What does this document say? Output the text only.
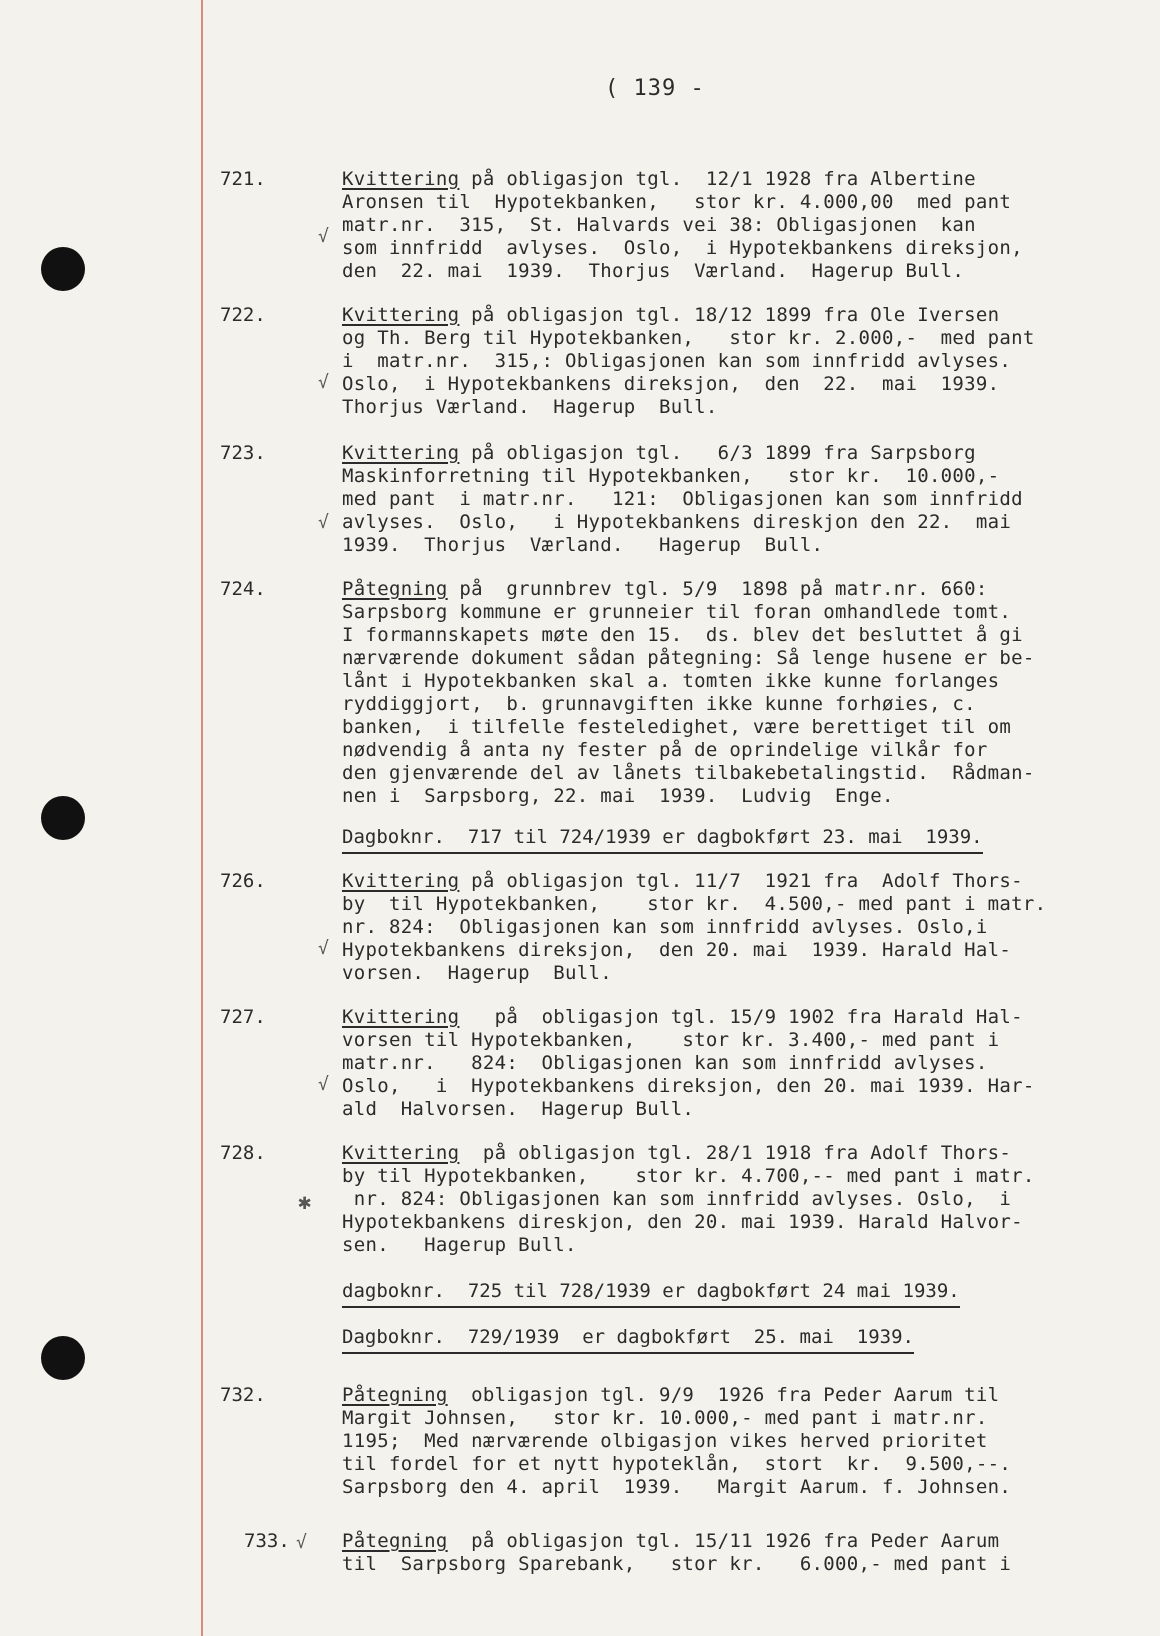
( 139 -
721.	Kvittering på obligasjon tgl.  12/1 1928 fra Albertine
Aronsen til  Hypotekbanken,   stor kr. 4.000,00  med pant
matr.nr.  315,  St. Halvards vei 38: Obligasjonen  kan
som innfridd  avlyses.  Oslo,  i Hypotekbankens direksjon,
den  22. mai  1939.  Thorjus  Værland.  Hagerup Bull.
√
722.	Kvittering på obligasjon tgl. 18/12 1899 fra Ole Iversen
og Th. Berg til Hypotekbanken,   stor kr. 2.000,-  med pant
i  matr.nr.  315,: Obligasjonen kan som innfridd avlyses.
Oslo,  i Hypotekbankens direksjon,  den  22.  mai  1939.
Thorjus Værland.  Hagerup  Bull.
√
723.	Kvittering på obligasjon tgl.   6/3 1899 fra Sarpsborg
Maskinforretning til Hypotekbanken,   stor kr.  10.000,-
med pant  i matr.nr.   121:  Obligasjonen kan som innfridd
avlyses.  Oslo,   i Hypotekbankens direskjon den 22.  mai
1939.  Thorjus  Værland.   Hagerup  Bull.
√
724.	Påtegning på  grunnbrev tgl. 5/9  1898 på matr.nr. 660:
Sarpsborg kommune er grunneier til foran omhandlede tomt.
I formannskapets møte den 15.  ds. blev det besluttet å gi
nærværende dokument sådan påtegning: Så lenge husene er be-
lånt i Hypotekbanken skal a. tomten ikke kunne forlanges
ryddiggjort,  b. grunnavgiften ikke kunne forhøies, c.
banken,  i tilfelle festeledighet, være berettiget til om
nødvendig å anta ny fester på de oprindelige vilkår for
den gjenværende del av lånets tilbakebetalingstid.  Rådman-
nen i  Sarpsborg, 22. mai  1939.  Ludvig  Enge.
Dagboknr.  717 til 724/1939 er dagbokført 23. mai  1939.
726.	Kvittering på obligasjon tgl. 11/7  1921 fra  Adolf Thors-
by  til Hypotekbanken,    stor kr.  4.500,- med pant i matr.
nr. 824:  Obligasjonen kan som innfridd avlyses. Oslo,i
Hypotekbankens direksjon,  den 20. mai  1939. Harald Hal-
vorsen.  Hagerup  Bull.
√
727.	Kvittering   på  obligasjon tgl. 15/9 1902 fra Harald Hal-
vorsen til Hypotekbanken,    stor kr. 3.400,- med pant i
matr.nr.   824:  Obligasjonen kan som innfridd avlyses.
Oslo,   i  Hypotekbankens direksjon, den 20. mai 1939. Har-
ald  Halvorsen.  Hagerup Bull.
√
728.	Kvittering  på obligasjon tgl. 28/1 1918 fra Adolf Thors-
by til Hypotekbanken,    stor kr. 4.700,-- med pant i matr.
nr. 824: Obligasjonen kan som innfridd avlyses. Oslo,  i
Hypotekbankens direskjon, den 20. mai 1939. Harald Halvor-
sen.   Hagerup Bull.
✱
dagboknr.  725 til 728/1939 er dagbokført 24 mai 1939.
Dagboknr.  729/1939  er dagbokført  25. mai  1939.
732.	Påtegning  obligasjon tgl. 9/9  1926 fra Peder Aarum til
Margit Johnsen,   stor kr. 10.000,- med pant i matr.nr.
1195;  Med nærværende olbigasjon vikes herved prioritet
til fordel for et nytt hypoteklån,  stort  kr.  9.500,--.
Sarpsborg den 4. april  1939.   Margit Aarum. f. Johnsen.
733.	Påtegning  på obligasjon tgl. 15/11 1926 fra Peder Aarum
til  Sarpsborg Sparebank,   stor kr.   6.000,- med pant i
√
